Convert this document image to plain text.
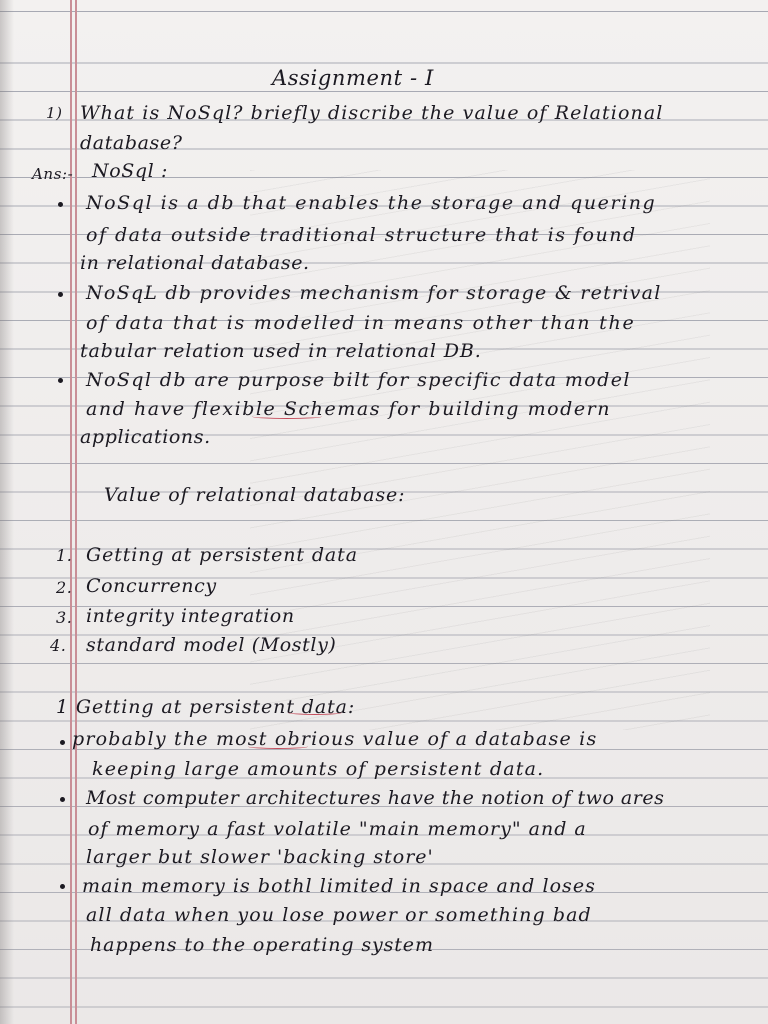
Assignment - I

1) What is NoSql? briefly discribe the value of Relational

database?

Ans:- NoSql :

NoSql is a db that enables the storage and quering

of data outside traditional structure that is found

in relational database.

NoSqL db provides mechanism for storage & retrival

of data that is modelled in means other than the

tabular relation used in relational DB.

NoSql db are purpose bilt for specific data model

and have flexible Schemas for building modern

applications.

Value of relational database:

1. Getting at persistent data

2. Concurrency

3. integrity integration

4. standard model (Mostly)

1 Getting at persistent data:

probably the most obrious value of a database is

keeping large amounts of persistent data.

Most computer architectures have the notion of two ares

of memory a fast volatile "main memory" and a

larger but slower 'backing store'

main memory is bothl limited in space and loses

all data when you lose power or something bad

happens to the operating system
